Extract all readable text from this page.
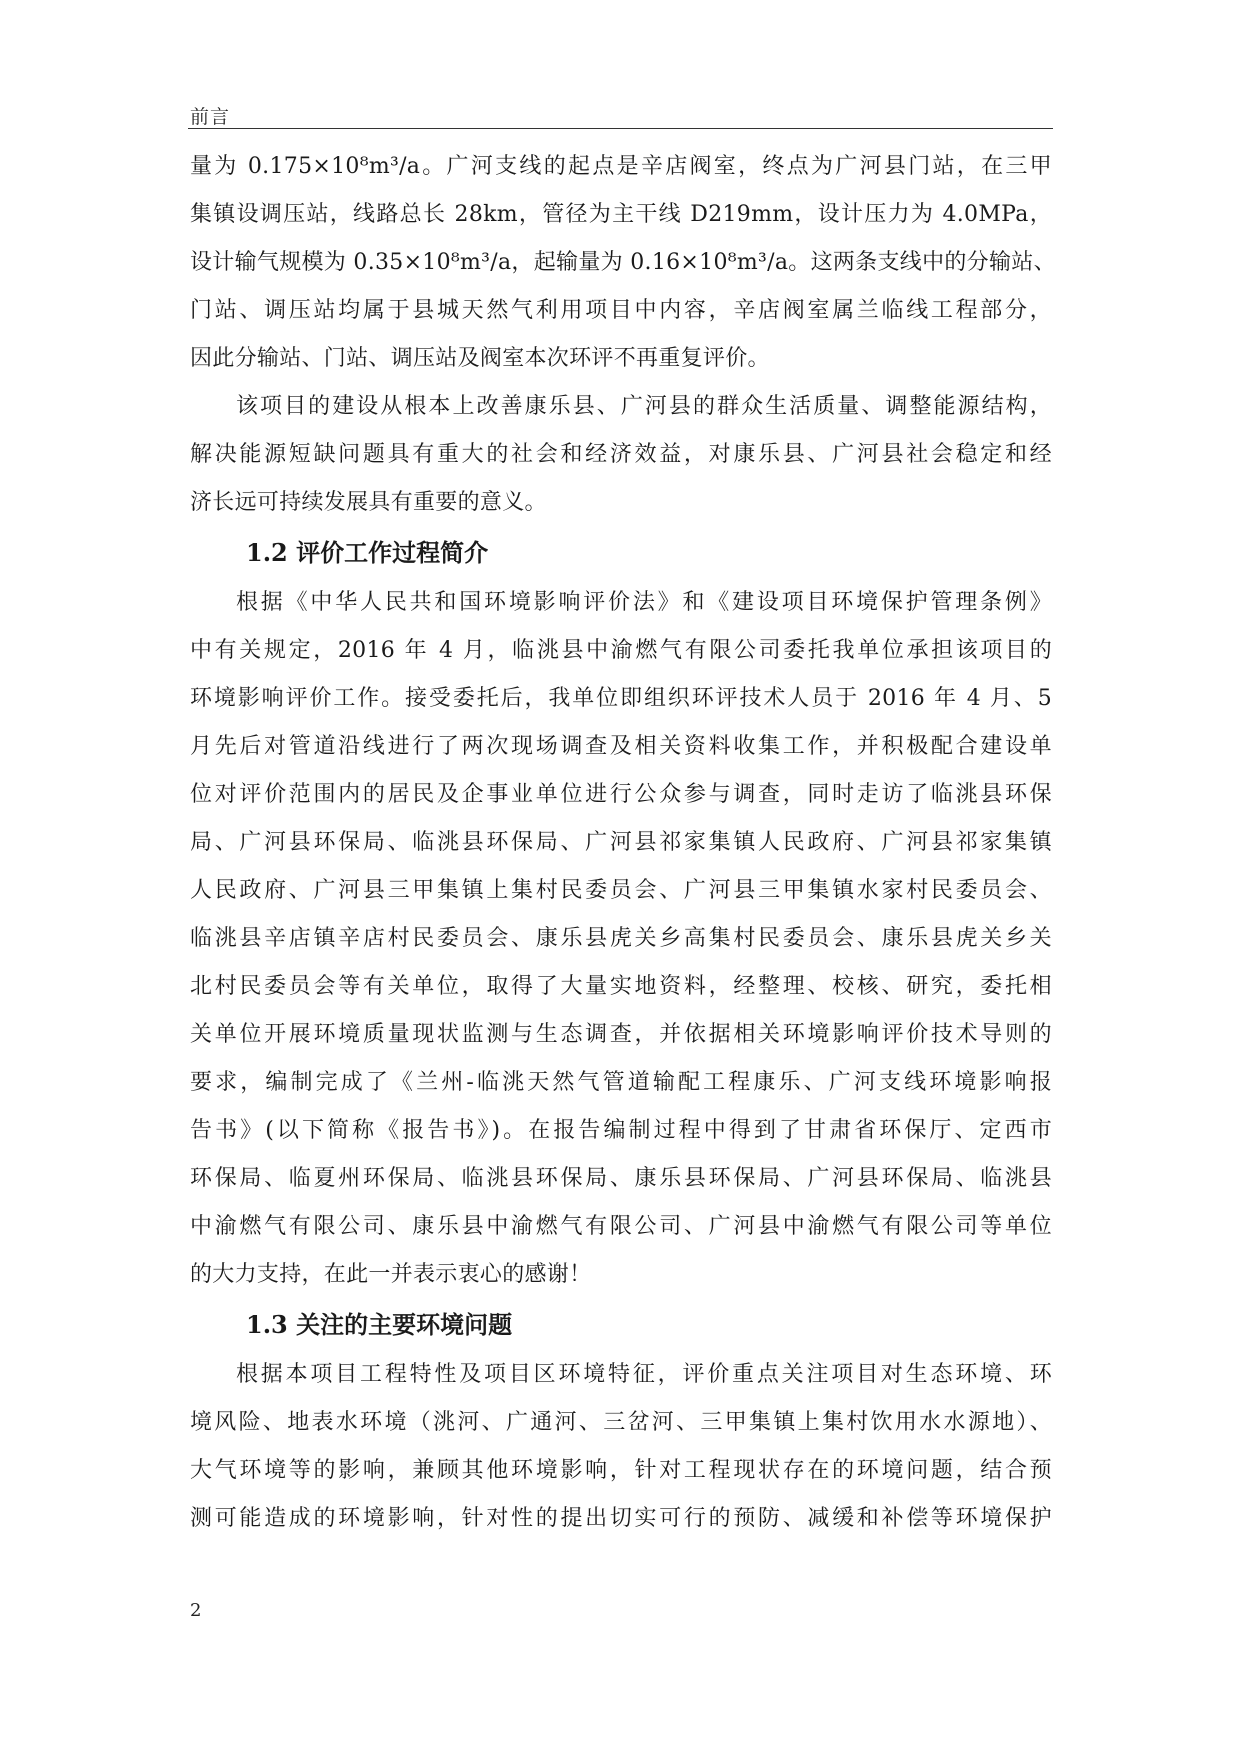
前言
量为 0.175×10⁸m³/a。广河支线的起点是辛店阀室，终点为广河县门站，在三甲
集镇设调压站，线路总长 28km，管径为主干线 D219mm，设计压力为 4.0MPa，
设计输气规模为 0.35×10⁸m³/a，起输量为 0.16×10⁸m³/a。这两条支线中的分输站、
门站、调压站均属于县城天然气利用项目中内容，辛店阀室属兰临线工程部分，
因此分输站、门站、调压站及阀室本次环评不再重复评价。
该项目的建设从根本上改善康乐县、广河县的群众生活质量、调整能源结构，
解决能源短缺问题具有重大的社会和经济效益，对康乐县、广河县社会稳定和经
济长远可持续发展具有重要的意义。
1.2 评价工作过程简介
根据《中华人民共和国环境影响评价法》和《建设项目环境保护管理条例》
中有关规定，2016 年 4 月，临洮县中渝燃气有限公司委托我单位承担该项目的
环境影响评价工作。接受委托后，我单位即组织环评技术人员于 2016 年 4 月、5
月先后对管道沿线进行了两次现场调查及相关资料收集工作，并积极配合建设单
位对评价范围内的居民及企事业单位进行公众参与调查，同时走访了临洮县环保
局、广河县环保局、临洮县环保局、广河县祁家集镇人民政府、广河县祁家集镇
人民政府、广河县三甲集镇上集村民委员会、广河县三甲集镇水家村民委员会、
临洮县辛店镇辛店村民委员会、康乐县虎关乡高集村民委员会、康乐县虎关乡关
北村民委员会等有关单位，取得了大量实地资料，经整理、校核、研究，委托相
关单位开展环境质量现状监测与生态调查，并依据相关环境影响评价技术导则的
要求，编制完成了《兰州-临洮天然气管道输配工程康乐、广河支线环境影响报
告书》(以下简称《报告书》)。在报告编制过程中得到了甘肃省环保厅、定西市
环保局、临夏州环保局、临洮县环保局、康乐县环保局、广河县环保局、临洮县
中渝燃气有限公司、康乐县中渝燃气有限公司、广河县中渝燃气有限公司等单位
的大力支持，在此一并表示衷心的感谢！
1.3 关注的主要环境问题
根据本项目工程特性及项目区环境特征，评价重点关注项目对生态环境、环
境风险、地表水环境（洮河、广通河、三岔河、三甲集镇上集村饮用水水源地）、
大气环境等的影响，兼顾其他环境影响，针对工程现状存在的环境问题，结合预
测可能造成的环境影响，针对性的提出切实可行的预防、减缓和补偿等环境保护
2
